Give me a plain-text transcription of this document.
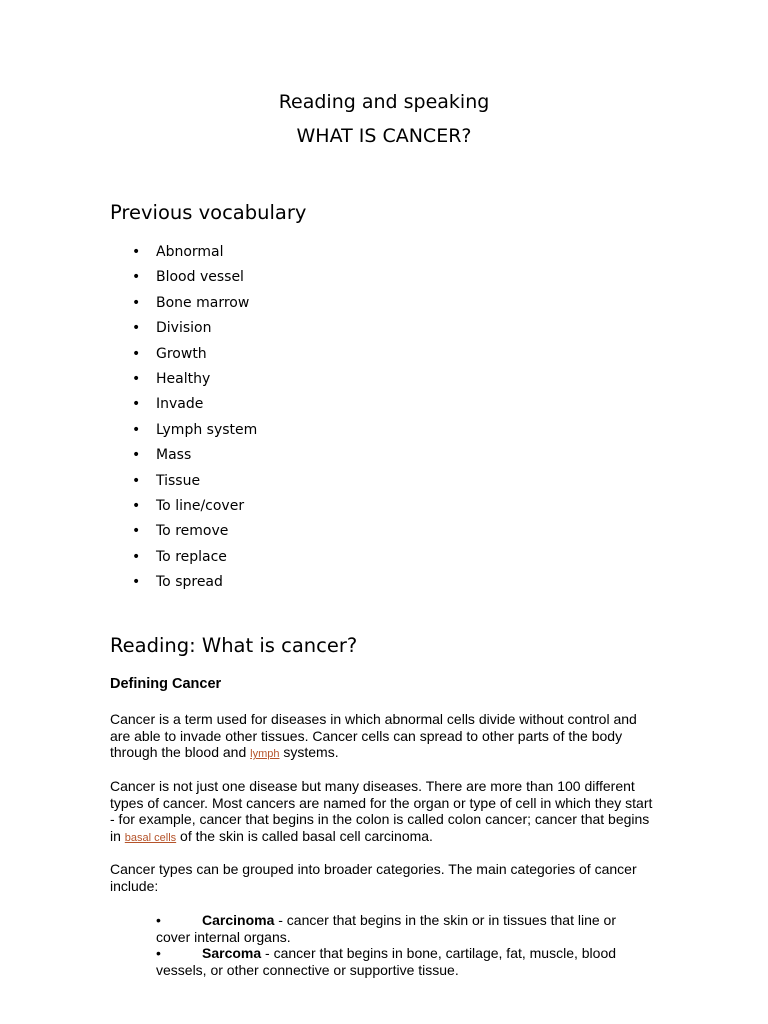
Reading and speaking
WHAT IS CANCER?
Previous vocabulary
• Abnormal
• Blood vessel
• Bone marrow
• Division
• Growth
• Healthy
• Invade
• Lymph system
• Mass
• Tissue
• To line/cover
• To remove
• To replace
• To spread
Reading: What is cancer?
Defining Cancer

Cancer is a term used for diseases in which abnormal cells divide without control and are able to invade other tissues. Cancer cells can spread to other parts of the body through the blood and lymph systems.

Cancer is not just one disease but many diseases. There are more than 100 different types of cancer. Most cancers are named for the organ or type of cell in which they start - for example, cancer that begins in the colon is called colon cancer; cancer that begins in basal cells of the skin is called basal cell carcinoma.

Cancer types can be grouped into broader categories. The main categories of cancer include:

•	Carcinoma - cancer that begins in the skin or in tissues that line or cover internal organs.
•	Sarcoma - cancer that begins in bone, cartilage, fat, muscle, blood vessels, or other connective or supportive tissue.
